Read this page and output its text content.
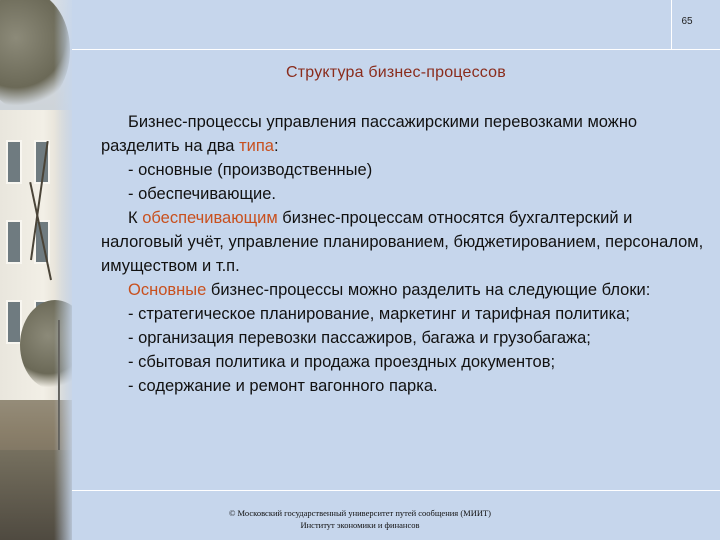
65
Структура бизнес-процессов

Бизнес-процессы управления пассажирскими перевозками можно разделить на два типа:

- основные (производственные)

- обеспечивающие.

К обеспечивающим бизнес-процессам относятся бухгалтерский и налоговый учёт, управление планированием, бюджетированием, персоналом, имуществом и т.п.

Основные бизнес-процессы можно разделить на следующие блоки:

- стратегическое планирование, маркетинг и тарифная политика;

- организация перевозки пассажиров, багажа и грузобагажа;

- сбытовая политика и продажа проездных документов;

- содержание и ремонт вагонного парка.

© Московский государственный университет путей сообщения (МИИТ)
Институт экономики и финансов
